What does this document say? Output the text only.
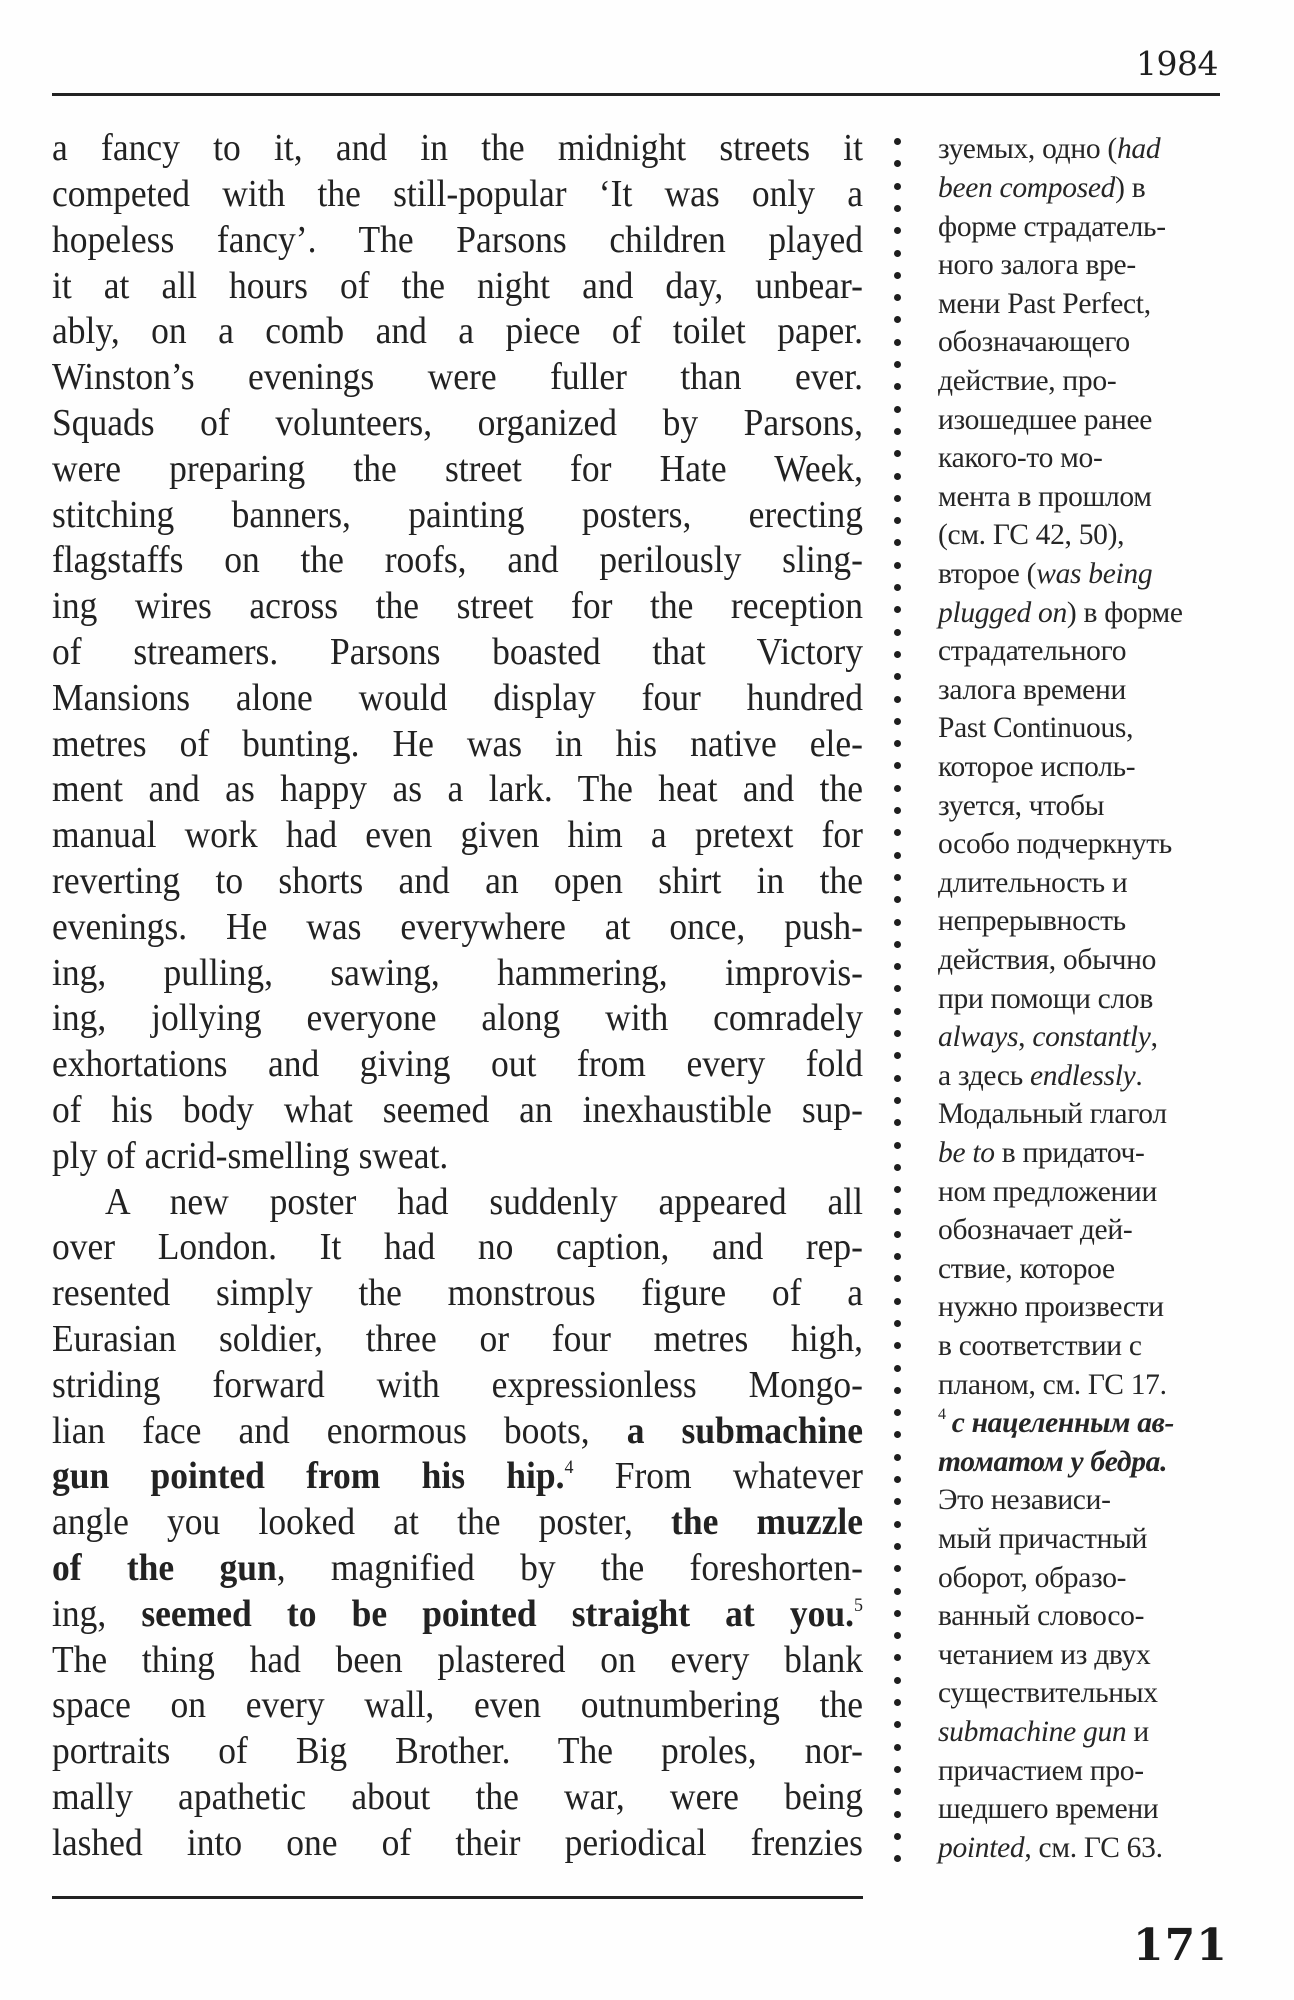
1984
a fancy to it, and in the midnight streets it
competed with the still-popular ‘It was only a
hopeless fancy’. The Parsons children played
it at all hours of the night and day, unbear-
ably, on a comb and a piece of toilet paper.
Winston’s evenings were fuller than ever.
Squads of volunteers, organized by Parsons,
were preparing the street for Hate Week,
stitching banners, painting posters, erecting
flagstaffs on the roofs, and perilously sling-
ing wires across the street for the reception
of streamers. Parsons boasted that Victory
Mansions alone would display four hundred
metres of bunting. He was in his native ele-
ment and as happy as a lark. The heat and the
manual work had even given him a pretext for
reverting to shorts and an open shirt in the
evenings. He was everywhere at once, push-
ing, pulling, sawing, hammering, improvis-
ing, jollying everyone along with comradely
exhortations and giving out from every fold
of his body what seemed an inexhaustible sup-
ply of acrid-smelling sweat.
A new poster had suddenly appeared all
over London. It had no caption, and rep-
resented simply the monstrous figure of a
Eurasian soldier, three or four metres high,
striding forward with expressionless Mongo-
lian face and enormous boots, a submachine
gun pointed from his hip.$^4$ From whatever
angle you looked at the poster, the muzzle
of the gun, magnified by the foreshorten-
ing, seemed to be pointed straight at you.$^5$
The thing had been plastered on every blank
space on every wall, even outnumbering the
portraits of Big Brother. The proles, nor-
mally apathetic about the war, were being
lashed into one of their periodical frenzies
зуемых, одно (had
been composed) в
форме страдатель-
ного залога вре-
мени Past Perfect,
обозначающего
действие, про-
изошедшее ранее
какого-то мо-
мента в прошлом
(см. ГС 42, 50),
второе (was being
plugged on) в форме
страдательного
залога времени
Past Continuous,
которое исполь-
зуется, чтобы
особо подчеркнуть
длительность и
непрерывность
действия, обычно
при помощи слов
always, constantly,
а здесь endlessly.
Модальный глагол
be to в придаточ-
ном предложении
обозначает дей-
ствие, которое
нужно произвести
в соответствии с
планом, см. ГС 17.
$^4$ с нацеленным ав-
томатом у бедра.
Это независи-
мый причастный
оборот, образо-
ванный словосо-
четанием из двух
существительных
submachine gun и
причастием про-
шедшего времени
pointed, см. ГС 63.
171
